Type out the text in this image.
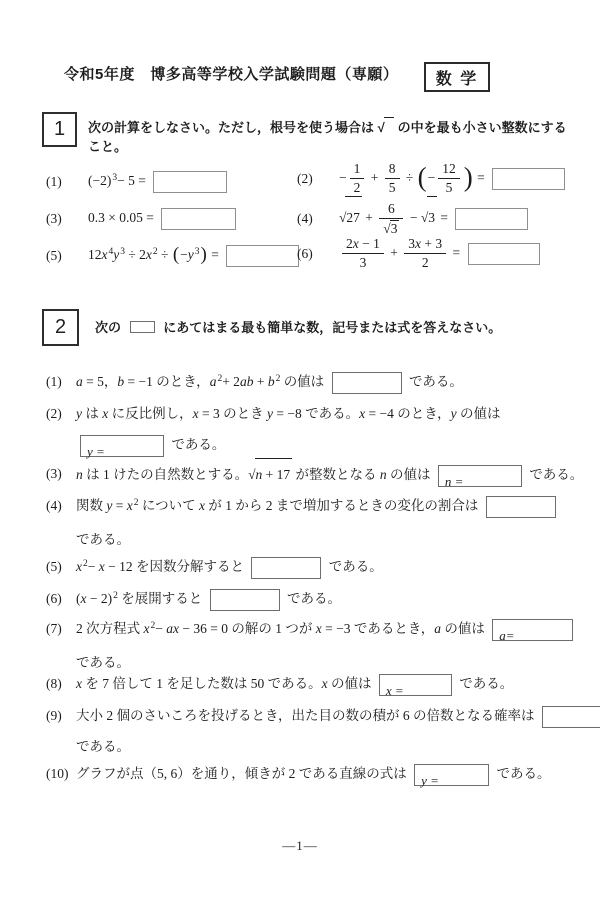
令和5年度　博多高等学校入学試験問題（専願） 数 学
1 次の計算をしなさい。ただし，根号を使う場合は √   の中を最も小さい整数にする
こと。
(1) $(-2)^3- 5$ =	$(2) - \frac{1}{2} + \frac{8}{5}$ ÷ (− $\frac{12}{5}$ ) =
(3) 0.3 × 0.05 =	(4) $√27 + \frac{6}{√3} - √3$ =
(5) $12x^4y^3 \div 2x^2 \div (-y^3)$ =	$(6) \frac{2x - 1}{3} + \frac{3x + 3}{2}$ =
2 次の	にあてはまる最も簡単な数，記号または式を答えなさい。
(1)	a = 5，b = −1 のとき，$a^2+ 2ab + b^2$ の値は	である。
(2)	y は x に反比例し，x = 3 のとき y = −8 である。x = −4 のとき，y の値は
y =	である。
(3)	n は 1 けたの自然数とする。√n + 17 が整数となる n の値は n =	である。
(4)	関数 $y = x^2$ について x が 1 から 2 まで増加するときの変化の割合は
である。
(5)	$x^2- x - 12$ を因数分解すると	である。
(6)	$(x - 2)^2$ を展開すると	である。
(7)	2 次方程式 $x^2-$ ax − 36 = 0 の解の 1 つが x = −3 であるとき，a の値は a=
である。
(8)	x を 7 倍して 1 を足した数は 50 である。x の値は x =	である。
(9)	大小 2 個のさいころを投げるとき，出た目の数の積が 6 の倍数となる確率は
である。
(10) グラフが点（5, 6）を通り，傾きが 2 である直線の式は y =	である。
—1—
